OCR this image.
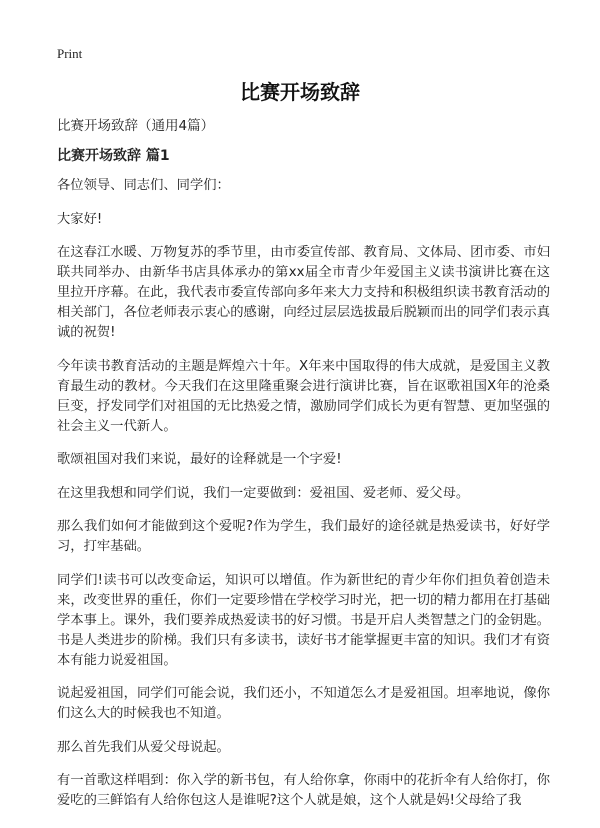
Print
比赛开场致辞

比赛开场致辞（通用4篇）

比赛开场致辞 篇1

各位领导、同志们、同学们：

大家好!

在这春江水暖、万物复苏的季节里，由市委宣传部、教育局、文体局、团市委、市妇联共同举办、由新华书店具体承办的第xx届全市青少年爱国主义读书演讲比赛在这里拉开序幕。在此，我代表市委宣传部向多年来大力支持和积极组织读书教育活动的相关部门，各位老师表示衷心的感谢，向经过层层选拔最后脱颖而出的同学们表示真诚的祝贺!

今年读书教育活动的主题是辉煌六十年。X年来中国取得的伟大成就，是爱国主义教育最生动的教材。今天我们在这里隆重聚会进行演讲比赛，旨在讴歌祖国X年的沧桑巨变，抒发同学们对祖国的无比热爱之情，激励同学们成长为更有智慧、更加坚强的社会主义一代新人。

歌颂祖国对我们来说，最好的诠释就是一个字爱!

在这里我想和同学们说，我们一定要做到：爱祖国、爱老师、爱父母。

那么我们如何才能做到这个爱呢?作为学生，我们最好的途径就是热爱读书，好好学习，打牢基础。

同学们!读书可以改变命运，知识可以增值。作为新世纪的青少年你们担负着创造未来，改变世界的重任，你们一定要珍惜在学校学习时光，把一切的精力都用在打基础学本事上。课外，我们要养成热爱读书的好习惯。书是开启人类智慧之门的金钥匙。书是人类进步的阶梯。我们只有多读书，读好书才能掌握更丰富的知识。我们才有资本有能力说爱祖国。

说起爱祖国，同学们可能会说，我们还小，不知道怎么才是爱祖国。坦率地说，像你们这么大的时候我也不知道。

那么首先我们从爱父母说起。

有一首歌这样唱到：你入学的新书包，有人给你拿，你雨中的花折伞有人给你打，你爱吃的三鲜馅有人给你包这人是谁呢?这个人就是娘，这个人就是妈!父母给了我
